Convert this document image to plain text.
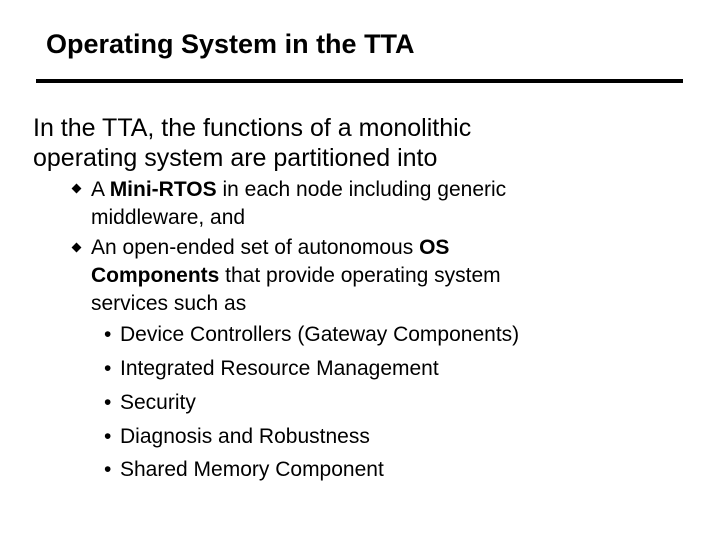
Operating System in the TTA
In the TTA, the functions of a monolithic
operating system are partitioned into
A Mini-RTOS in each node including generic
middleware, and
An open-ended set of autonomous OS
Components that provide operating system
services such as
• Device Controllers (Gateway Components)
• Integrated Resource Management
• Security
• Diagnosis and Robustness
• Shared Memory Component
